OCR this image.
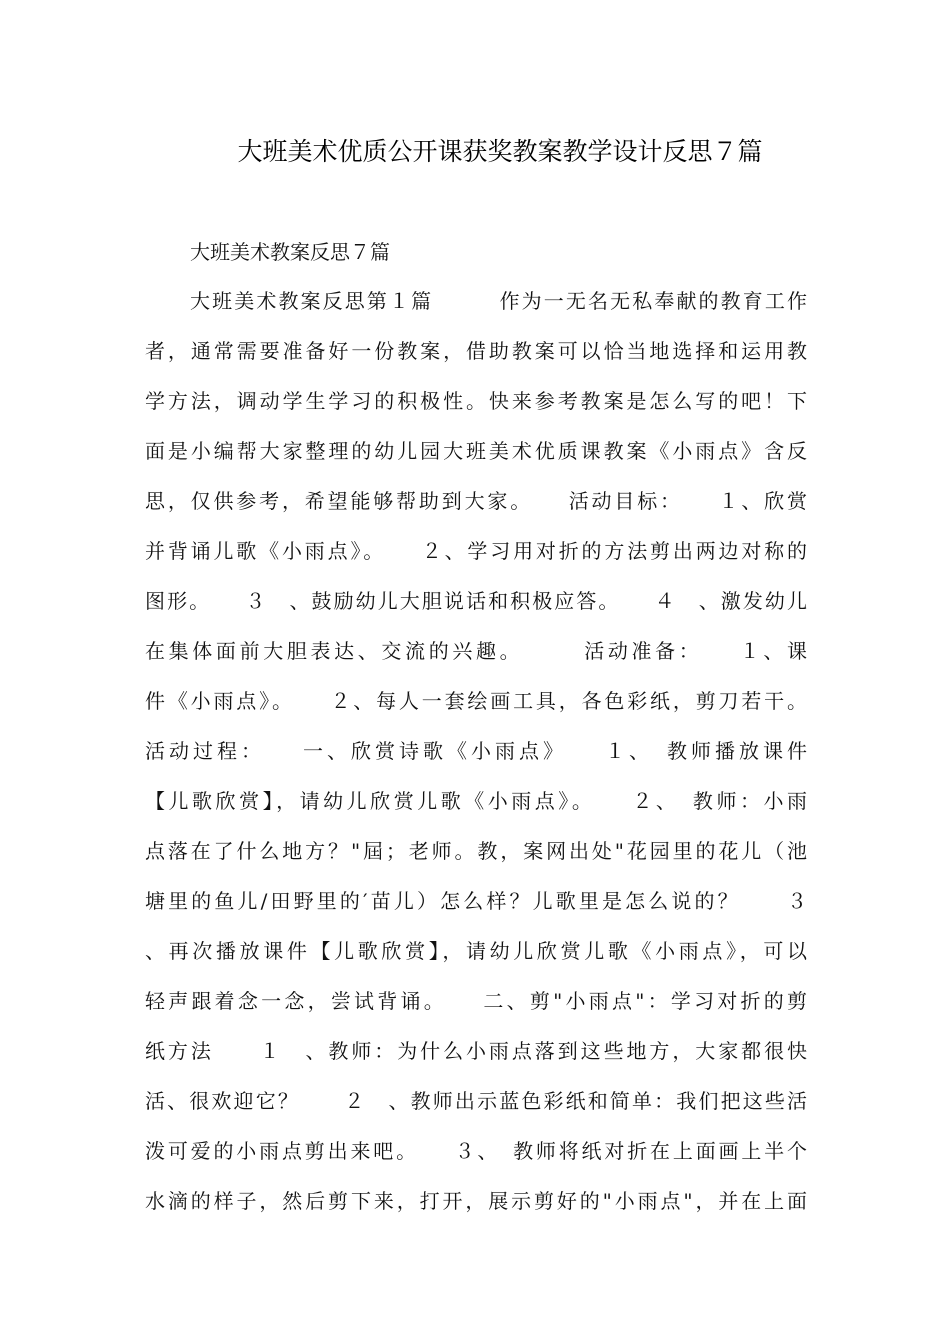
大班美术优质公开课获奖教案教学设计反思７篇

大班美术教案反思７篇

大班美术教案反思第１篇　　　作为一无名无私奉献的教育工作
者，通常需要准备好一份教案，借助教案可以恰当地选择和运用教
学方法，调动学生学习的积极性。快来参考教案是怎么写的吧！下
面是小编帮大家整理的幼儿园大班美术优质课教案《小雨点》含反
思，仅供参考，希望能够帮助到大家。　　活动目标：　　１、欣赏
并背诵儿歌《小雨点》。　　２、学习用对折的方法剪出两边对称的
图形。　　３　、鼓励幼儿大胆说话和积极应答。　　４　、激发幼儿
在集体面前大胆表达、交流的兴趣。　　　活动准备：　　１、课
件《小雨点》。　　２、每人一套绘画工具，各色彩纸，剪刀若干。
活动过程：　　一、欣赏诗歌《小雨点》　　１、　教师播放课件
【儿歌欣赏】，请幼儿欣赏儿歌《小雨点》。　　２、　教师：小雨
点落在了什么地方？"屆；老师。教，案网出处"花园里的花儿（池
塘里的鱼儿/田野里的′苗儿）怎么样？儿歌里是怎么说的？　　３
、再次播放课件【儿歌欣赏】，请幼儿欣赏儿歌《小雨点》，可以
轻声跟着念一念，尝试背诵。　　二、剪"小雨点"：学习对折的剪
纸方法　　１　、教师：为什么小雨点落到这些地方，大家都很快
活、很欢迎它？　　２　、教师出示蓝色彩纸和简单：我们把这些活
泼可爱的小雨点剪出来吧。　　３、　教师将纸对折在上面画上半个
水滴的样子，然后剪下来，打开，展示剪好的"小雨点"，并在上面
